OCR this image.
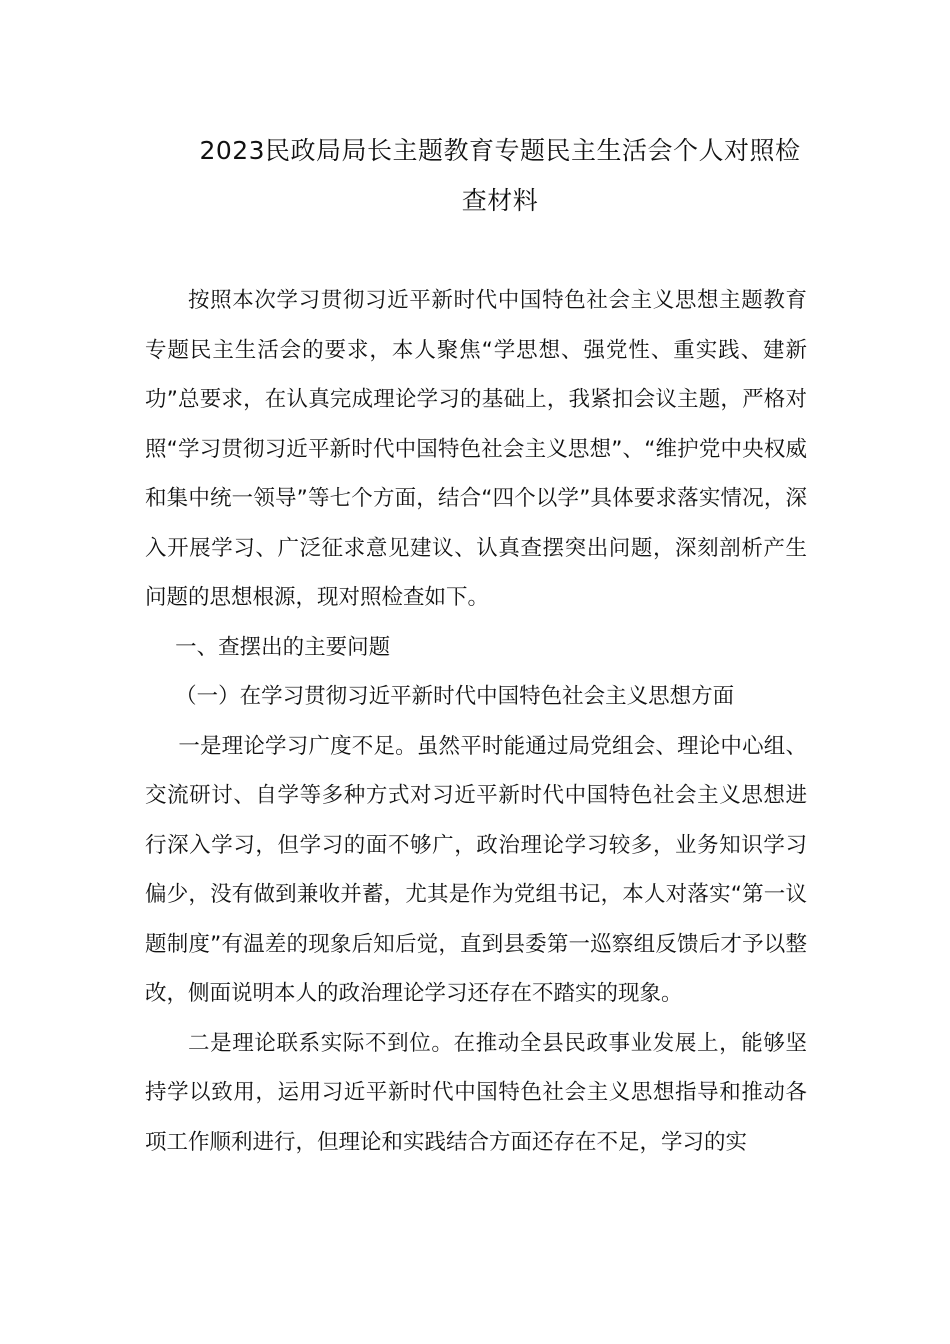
2023民政局局长主题教育专题民主生活会个人对照检查材料

按照本次学习贯彻习近平新时代中国特色社会主义思想主题教育专题民主生活会的要求，本人聚焦“学思想、强党性、重实践、建新功”总要求，在认真完成理论学习的基础上，我紧扣会议主题，严格对照“学习贯彻习近平新时代中国特色社会主义思想”、“维护党中央权威和集中统一领导”等七个方面，结合“四个以学”具体要求落实情况，深入开展学习、广泛征求意见建议、认真查摆突出问题，深刻剖析产生问题的思想根源，现对照检查如下。

一、查摆出的主要问题

（一）在学习贯彻习近平新时代中国特色社会主义思想方面

一是理论学习广度不足。虽然平时能通过局党组会、理论中心组、交流研讨、自学等多种方式对习近平新时代中国特色社会主义思想进行深入学习，但学习的面不够广，政治理论学习较多，业务知识学习偏少，没有做到兼收并蓄，尤其是作为党组书记，本人对落实“第一议题制度”有温差的现象后知后觉，直到县委第一巡察组反馈后才予以整改，侧面说明本人的政治理论学习还存在不踏实的现象。

二是理论联系实际不到位。在推动全县民政事业发展上，能够坚持学以致用，运用习近平新时代中国特色社会主义思想指导和推动各项工作顺利进行，但理论和实践结合方面还存在不足，学习的实
